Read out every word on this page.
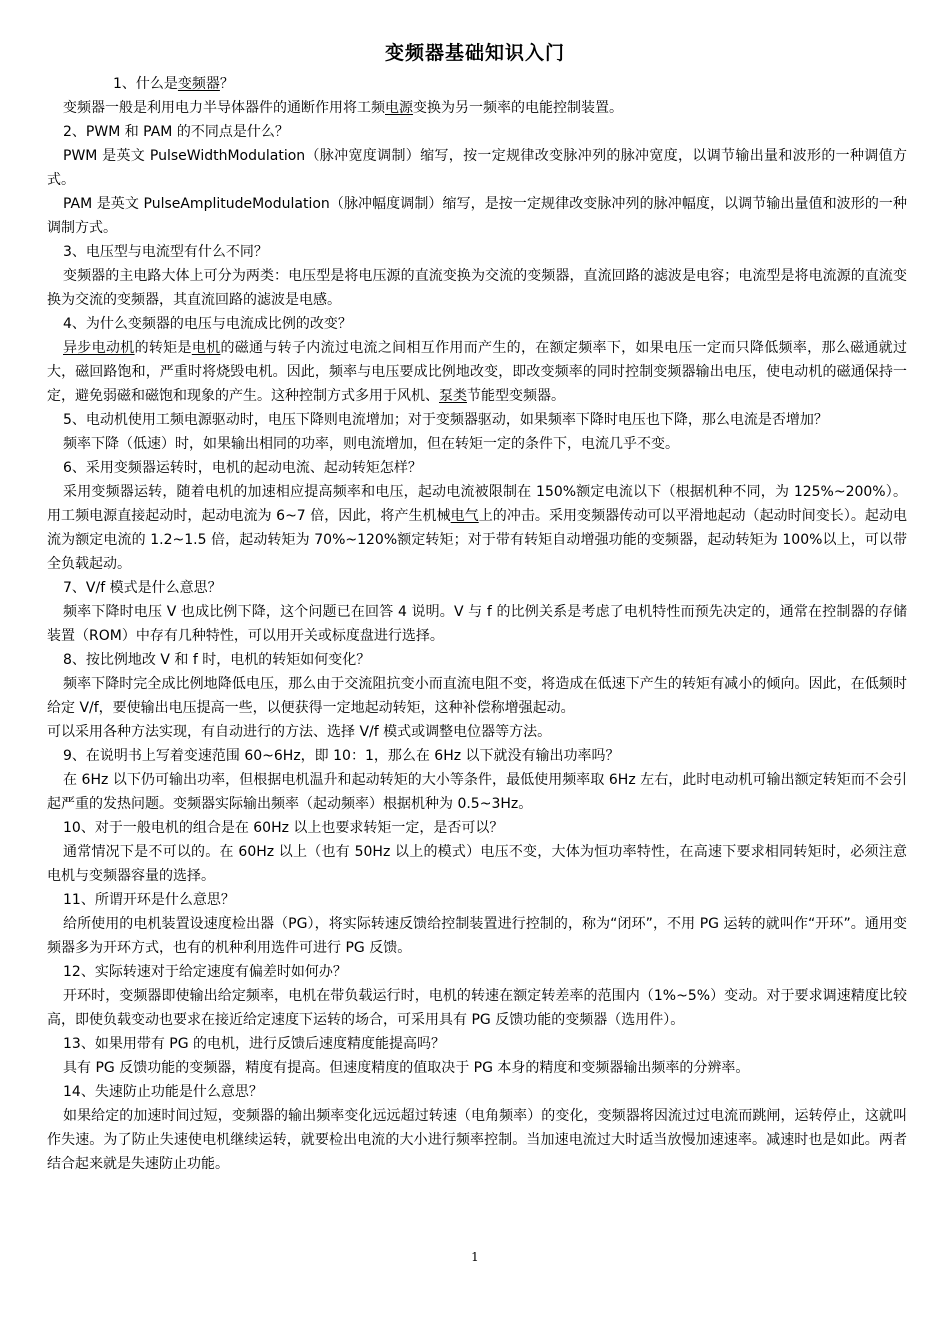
变频器基础知识入门

1、什么是变频器？

变频器一般是利用电力半导体器件的通断作用将工频电源变换为另一频率的电能控制装置。

2、PWM 和 PAM 的不同点是什么？

PWM 是英文 PulseWidthModulation（脉冲宽度调制）缩写，按一定规律改变脉冲列的脉冲宽度，以调节输出量和波形的一种调值方式。

PAM 是英文 PulseAmplitudeModulation（脉冲幅度调制）缩写，是按一定规律改变脉冲列的脉冲幅度，以调节输出量值和波形的一种调制方式。

3、电压型与电流型有什么不同？

变频器的主电路大体上可分为两类：电压型是将电压源的直流变换为交流的变频器，直流回路的滤波是电容；电流型是将电流源的直流变换为交流的变频器，其直流回路的滤波是电感。

4、为什么变频器的电压与电流成比例的改变？

异步电动机的转矩是电机的磁通与转子内流过电流之间相互作用而产生的，在额定频率下，如果电压一定而只降低频率，那么磁通就过大，磁回路饱和，严重时将烧毁电机。因此，频率与电压要成比例地改变，即改变频率的同时控制变频器输出电压，使电动机的磁通保持一定，避免弱磁和磁饱和现象的产生。这种控制方式多用于风机、泵类节能型变频器。

5、电动机使用工频电源驱动时，电压下降则电流增加；对于变频器驱动，如果频率下降时电压也下降，那么电流是否增加？

频率下降（低速）时，如果输出相同的功率，则电流增加，但在转矩一定的条件下，电流几乎不变。

6、采用变频器运转时，电机的起动电流、起动转矩怎样？

采用变频器运转，随着电机的加速相应提高频率和电压，起动电流被限制在 150%额定电流以下（根据机种不同，为 125%~200%）。用工频电源直接起动时，起动电流为 6~7 倍，因此，将产生机械电气上的冲击。采用变频器传动可以平滑地起动（起动时间变长）。起动电流为额定电流的 1.2~1.5 倍，起动转矩为 70%~120%额定转矩；对于带有转矩自动增强功能的变频器，起动转矩为 100%以上，可以带全负载起动。

7、V/f 模式是什么意思？

频率下降时电压 V 也成比例下降，这个问题已在回答 4 说明。V 与 f 的比例关系是考虑了电机特性而预先决定的，通常在控制器的存储装置（ROM）中存有几种特性，可以用开关或标度盘进行选择。

8、按比例地改 V 和 f 时，电机的转矩如何变化？

频率下降时完全成比例地降低电压，那么由于交流阻抗变小而直流电阻不变，将造成在低速下产生的转矩有减小的倾向。因此，在低频时给定 V/f，要使输出电压提高一些，以便获得一定地起动转矩，这种补偿称增强起动。

可以采用各种方法实现，有自动进行的方法、选择 V/f 模式或调整电位器等方法。

9、在说明书上写着变速范围 60~6Hz，即 10：1，那么在 6Hz 以下就没有输出功率吗？

在 6Hz 以下仍可输出功率，但根据电机温升和起动转矩的大小等条件，最低使用频率取 6Hz 左右，此时电动机可输出额定转矩而不会引起严重的发热问题。变频器实际输出频率（起动频率）根据机种为 0.5~3Hz。

10、对于一般电机的组合是在 60Hz 以上也要求转矩一定，是否可以？

通常情况下是不可以的。在 60Hz 以上（也有 50Hz 以上的模式）电压不变，大体为恒功率特性，在高速下要求相同转矩时，必须注意电机与变频器容量的选择。

11、所谓开环是什么意思？

给所使用的电机装置设速度检出器（PG），将实际转速反馈给控制装置进行控制的，称为“闭环”，不用 PG 运转的就叫作“开环”。通用变频器多为开环方式，也有的机种利用选件可进行 PG 反馈。

12、实际转速对于给定速度有偏差时如何办？

开环时，变频器即使输出给定频率，电机在带负载运行时，电机的转速在额定转差率的范围内（1%~5%）变动。对于要求调速精度比较高，即使负载变动也要求在接近给定速度下运转的场合，可采用具有 PG 反馈功能的变频器（选用件）。

13、如果用带有 PG 的电机，进行反馈后速度精度能提高吗？

具有 PG 反馈功能的变频器，精度有提高。但速度精度的值取决于 PG 本身的精度和变频器输出频率的分辨率。

14、失速防止功能是什么意思？

如果给定的加速时间过短，变频器的输出频率变化远远超过转速（电角频率）的变化，变频器将因流过过电流而跳闸，运转停止，这就叫作失速。为了防止失速使电机继续运转，就要检出电流的大小进行频率控制。当加速电流过大时适当放慢加速速率。减速时也是如此。两者结合起来就是失速防止功能。

1
